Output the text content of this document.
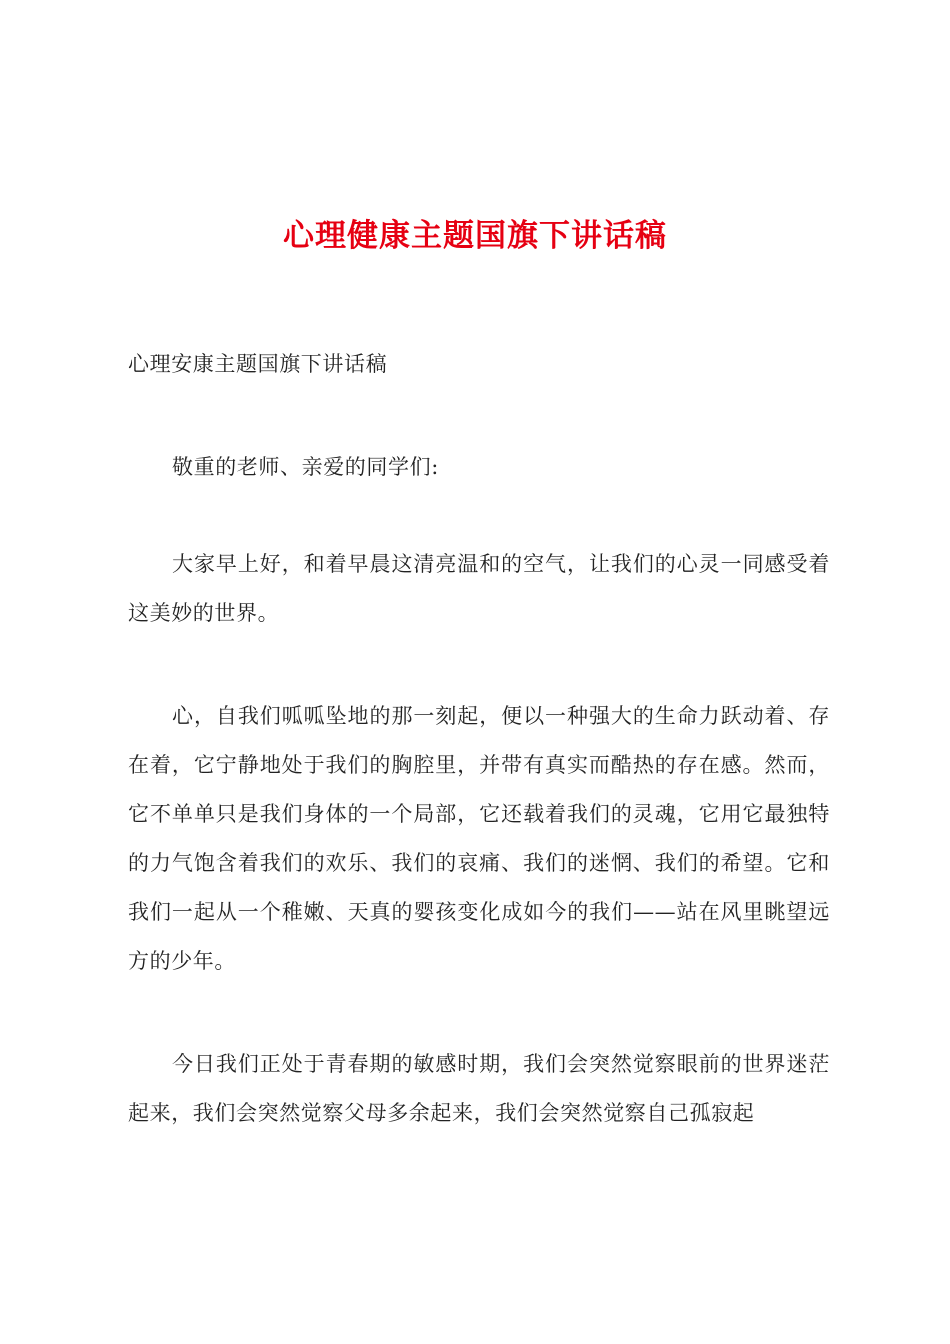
心理健康主题国旗下讲话稿

心理安康主题国旗下讲话稿

敬重的老师、亲爱的同学们:

大家早上好，和着早晨这清亮温和的空气，让我们的心灵一同感受着这美妙的世界。

心，自我们呱呱坠地的那一刻起，便以一种强大的生命力跃动着、存在着，它宁静地处于我们的胸腔里，并带有真实而酷热的存在感。然而，它不单单只是我们身体的一个局部，它还载着我们的灵魂，它用它最独特的力气饱含着我们的欢乐、我们的哀痛、我们的迷惘、我们的希望。它和我们一起从一个稚嫩、天真的婴孩变化成如今的我们——站在风里眺望远方的少年。

今日我们正处于青春期的敏感时期，我们会突然觉察眼前的世界迷茫起来，我们会突然觉察父母多余起来，我们会突然觉察自己孤寂起
